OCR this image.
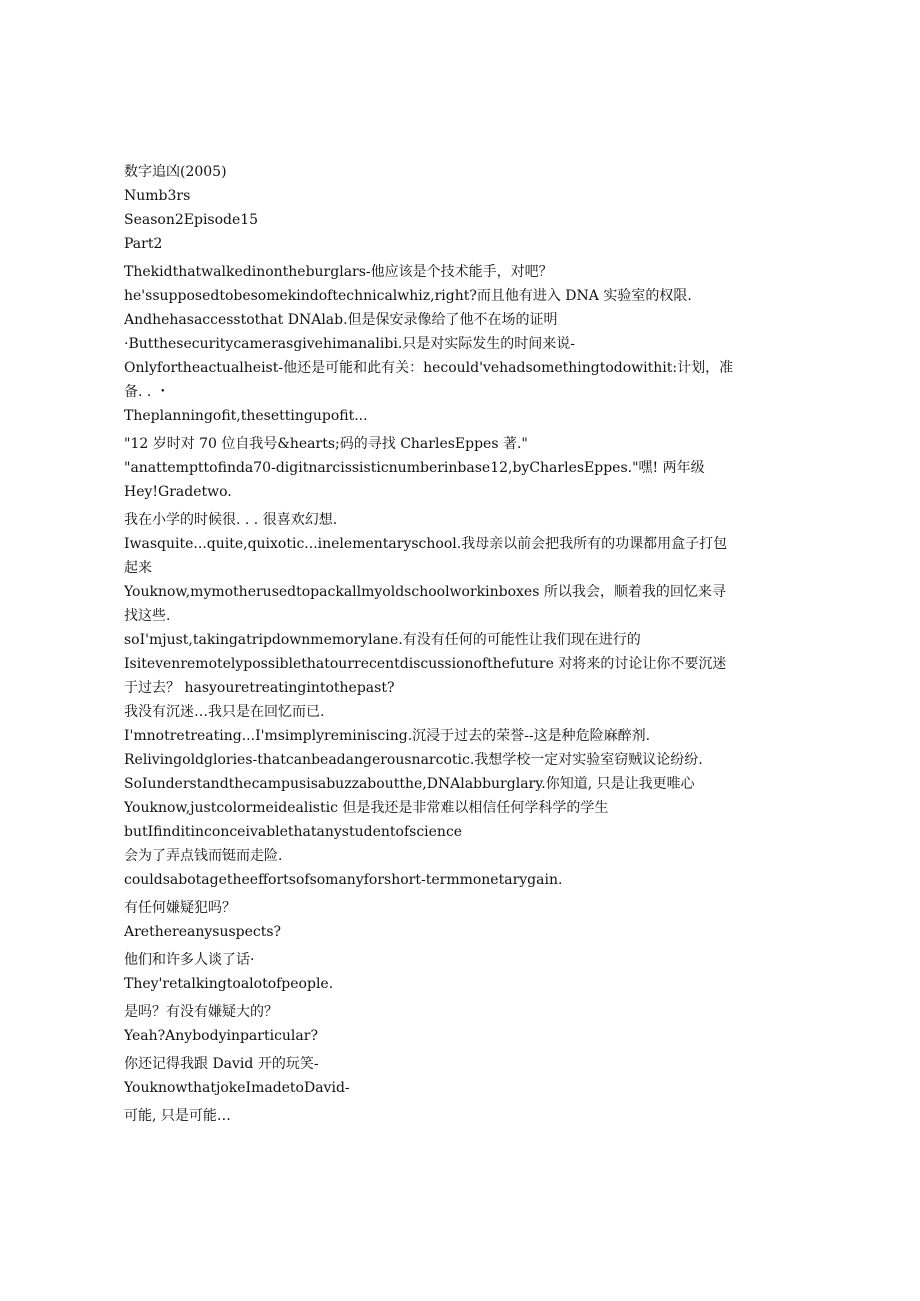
数字追凶(2005)
Numb3rs
Season2Episode15
Part2
Thekidthatwalkedinontheburglars-他应该是个技术能手，对吧？
he'ssupposedtobesomekindoftechnicalwhiz,right?而且他有进入 DNA 实验室的权限.
Andhehasaccesstothat DNAlab.但是保安录像给了他不在场的证明
·Butthesecuritycamerasgivehimanalibi.只是对实际发生的时间来说-
Onlyfortheactualheist-他还是可能和此有关：hecould'vehadsomethingtodowithit:计划，准备. . ・
Theplanningofit,thesettingupofit...
"12 岁时对 70 位自我号&hearts;码的寻找 CharlesEppes 著."
"anattempttofinda70-digitnarcissisticnumberinbase12,byCharlesEppes."嘿! 两年级
Hey!Gradetwo.
我在小学的时候很. . . 很喜欢幻想.
Iwasquite...quite,quixotic...inelementaryschool.我母亲以前会把我所有的功课都用盒子打包起来
Youknow,mymotherusedtopackallmyoldschoolworkinboxes 所以我会，顺着我的回忆来寻找这些.
soI'mjust,takingatripdownmemorylane.有没有任何的可能性让我们现在进行的
Isitevenremotelypossiblethatourrecentdiscussionofthefuture 对将来的讨论让你不要沉迷于过去？ hasyouretreatingintothepast?
我没有沉迷…我只是在回忆而已.
I'mnotretreating...I'msimplyreminiscing.沉浸于过去的荣誉--这是种危险麻醉剂.
Relivingoldglories-thatcanbeadangerousnarcotic.我想学校一定对实验室窃贼议论纷纷.
SoIunderstandthecampusisabuzzaboutthe,DNAlabburglary.你知道, 只是让我更唯心
Youknow,justcolormeidealistic 但是我还是非常难以相信任何学科学的学生
butIfinditinconceivablethatanystudentofscience
会为了弄点钱而铤而走险.
couldsabotagetheeffortsofsomanyforshort-termmonetarygain.
有任何嫌疑犯吗？
Arethereanysuspects?
他们和许多人谈了话·
They'retalkingtoalotofpeople.
是吗？有没有嫌疑大的？
Yeah?Anybodyinparticular?
你还记得我跟 David 开的玩笑-
YouknowthatjokeImadetoDavid-
可能, 只是可能…
